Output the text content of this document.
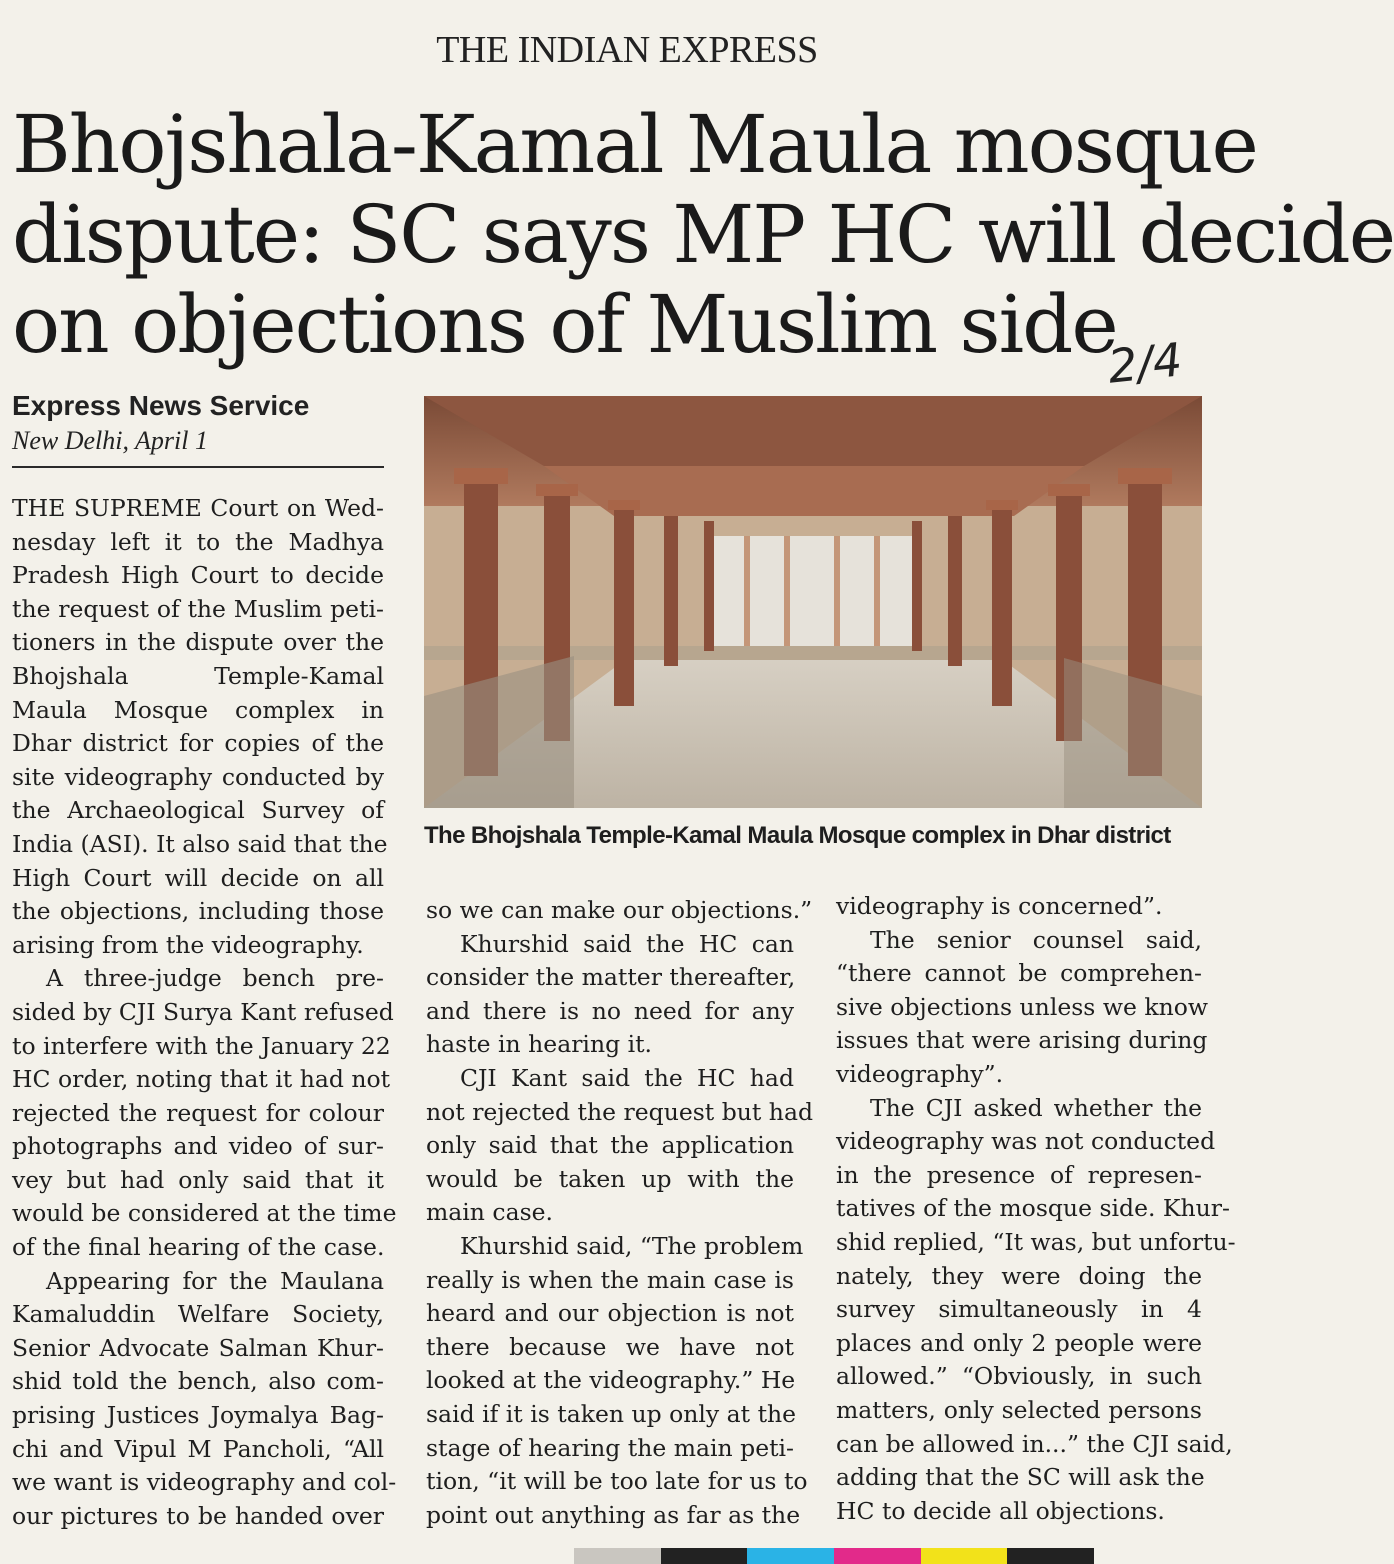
THE INDIAN EXPRESS
Bhojshala-Kamal Maula mosque
dispute: SC says MP HC will decide
on objections of Muslim side
2/4
Express News Service
New Delhi, April 1
The Bhojshala Temple-Kamal Maula Mosque complex in Dhar district
THE SUPREME Court on Wed-
nesday left it to the Madhya
Pradesh High Court to decide
the request of the Muslim peti-
tioners in the dispute over the
Bhojshala Temple-Kamal
Maula Mosque complex in
Dhar district for copies of the
site videography conducted by
the Archaeological Survey of
India (ASI). It also said that the
High Court will decide on all
the objections, including those
arising from the videography.
A three-judge bench pre-
sided by CJI Surya Kant refused
to interfere with the January 22
HC order, noting that it had not
rejected the request for colour
photographs and video of sur-
vey but had only said that it
would be considered at the time
of the final hearing of the case.
Appearing for the Maulana
Kamaluddin Welfare Society,
Senior Advocate Salman Khur-
shid told the bench, also com-
prising Justices Joymalya Bag-
chi and Vipul M Pancholi, “All
we want is videography and col-
our pictures to be handed over
so we can make our objections.”
Khurshid said the HC can
consider the matter thereafter,
and there is no need for any
haste in hearing it.
CJI Kant said the HC had
not rejected the request but had
only said that the application
would be taken up with the
main case.
Khurshid said, “The problem
really is when the main case is
heard and our objection is not
there because we have not
looked at the videography.” He
said if it is taken up only at the
stage of hearing the main peti-
tion, “it will be too late for us to
point out anything as far as the
videography is concerned”.
The senior counsel said,
“there cannot be comprehen-
sive objections unless we know
issues that were arising during
videography”.
The CJI asked whether the
videography was not conducted
in the presence of represen-
tatives of the mosque side. Khur-
shid replied, “It was, but unfortu-
nately, they were doing the
survey simultaneously in 4
places and only 2 people were
allowed.” “Obviously, in such
matters, only selected persons
can be allowed in...” the CJI said,
adding that the SC will ask the
HC to decide all objections.
